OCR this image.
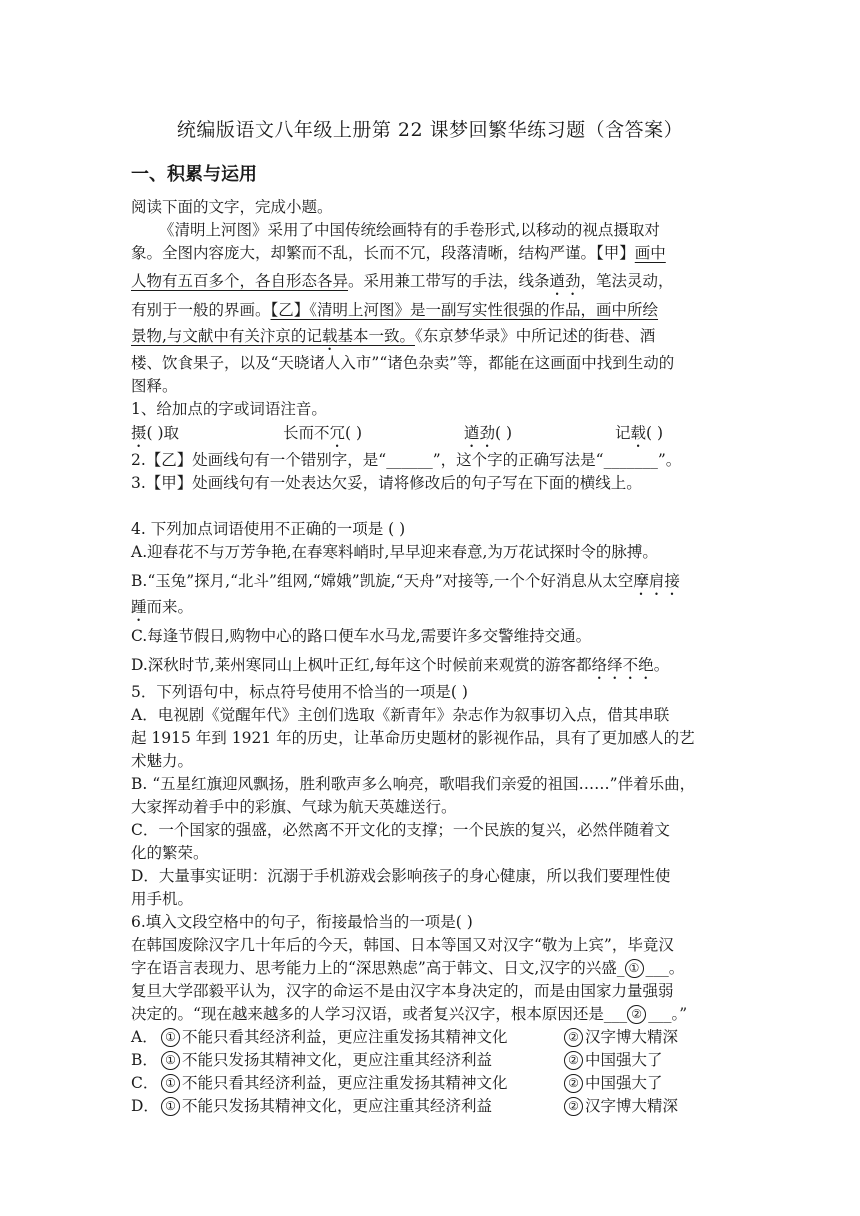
统编版语文八年级上册第 22 课梦回繁华练习题（含答案）
一、积累与运用
阅读下面的文字，完成小题。
《清明上河图》采用了中国传统绘画特有的手卷形式,以移动的视点摄取对
象。全图内容庞大，却繁而不乱，长而不冗，段落清晰，结构严谨。【甲】画中
人物有五百多个，各自形态各异。采用兼工带写的手法，线条遒劲，笔法灵动，
有别于一般的界画。【乙】《清明上河图》是一副写实性很强的作品，画中所绘
景物,与文献中有关汴京的记载基本一致。《东京梦华录》中所记述的街巷、酒
楼、饮食果子，以及“天晓诸人入市”“诸色杂卖”等，都能在这画面中找到生动的
图释。
1、给加点的字或词语注音。
摄( )取	长而不冗( )	遒劲( )	记载( )
2.【乙】处画线句有一个错别字，是“______”，这个字的正确写法是“_______”。
3.【甲】处画线句有一处表达欠妥，请将修改后的句子写在下面的横线上。
4. 下列加点词语使用不正确的一项是 ( )
A.迎春花不与万芳争艳,在春寒料峭时,早早迎来春意,为万花试探时令的脉搏。
B.“玉兔”探月,“北斗”组网,“嫦娥”凯旋,“天舟”对接等,一个个好消息从太空摩肩接
踵而来。
C.每逢节假日,购物中心的路口便车水马龙,需要许多交警维持交通。
D.深秋时节,莱州寒同山上枫叶正红,每年这个时候前来观赏的游客都络绎不绝。
5．下列语句中，标点符号使用不恰当的一项是( )
A．电视剧《觉醒年代》主创们选取《新青年》杂志作为叙事切入点，借其串联
起 1915 年到 1921 年的历史，让革命历史题材的影视作品，具有了更加感人的艺
术魅力。
B. “五星红旗迎风飘扬，胜利歌声多么响亮，歌唱我们亲爱的祖国……”伴着乐曲，
大家挥动着手中的彩旗、气球为航天英雄送行。
C．一个国家的强盛，必然离不开文化的支撑；一个民族的复兴，必然伴随着文
化的繁荣。
D．大量事实证明：沉溺于手机游戏会影响孩子的身心健康，所以我们要理性使
用手机。
6.填入文段空格中的句子，衔接最恰当的一项是( )
在韩国废除汉字几十年后的今天，韩国、日本等国又对汉字“敬为上宾”，毕竟汉
字在语言表现力、思考能力上的“深思熟虑”高于韩文、日文,汉字的兴盛_ ① ___。
复旦大学邵毅平认为，汉字的命运不是由汉字本身决定的，而是由国家力量强弱
决定的。“现在越来越多的人学习汉语，或者复兴汉字，根本原因还是___ ② ___。”
A． ① 不能只看其经济利益，更应注重发扬其精神文化	② 汉字博大精深
B． ① 不能只发扬其精神文化，更应注重其经济利益	② 中国强大了
C． ① 不能只看其经济利益，更应注重发扬其精神文化	② 中国强大了
D． ① 不能只发扬其精神文化，更应注重其经济利益	② 汉字博大精深
